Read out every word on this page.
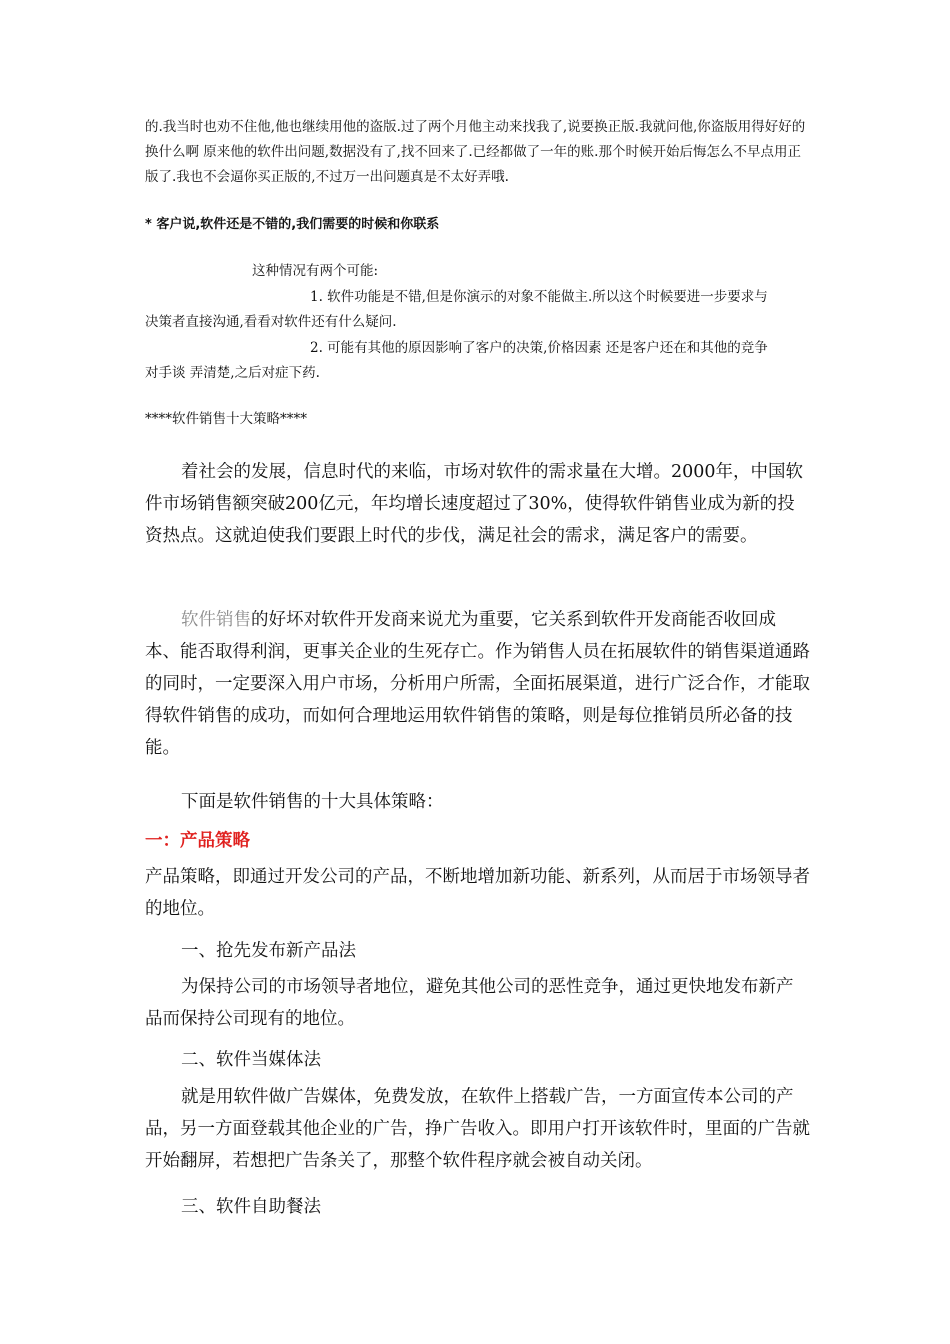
的.我当时也劝不住他,他也继续用他的盗版.过了两个月他主动来找我了,说要换正版.我就问他,你盗版用得好好的换什么啊 原来他的软件出问题,数据没有了,找不回来了.已经都做了一年的账.那个时候开始后悔怎么不早点用正版了.我也不会逼你买正版的,不过万一出问题真是不太好弄哦.
* 客户说,软件还是不错的,我们需要的时候和你联系
这种情况有两个可能:
1. 软件功能是不错,但是你演示的对象不能做主.所以这个时候要进一步要求与
决策者直接沟通,看看对软件还有什么疑问.
2. 可能有其他的原因影响了客户的决策,价格因素 还是客户还在和其他的竞争
对手谈 弄清楚,之后对症下药.
****软件销售十大策略****
着社会的发展，信息时代的来临，市场对软件的需求量在大增。2000年，中国软件市场销售额突破200亿元，年均增长速度超过了30%，使得软件销售业成为新的投资热点。这就迫使我们要跟上时代的步伐，满足社会的需求，满足客户的需要。
软件销售的好坏对软件开发商来说尤为重要，它关系到软件开发商能否收回成本、能否取得利润，更事关企业的生死存亡。作为销售人员在拓展软件的销售渠道通路的同时，一定要深入用户市场，分析用户所需，全面拓展渠道，进行广泛合作，才能取得软件销售的成功，而如何合理地运用软件销售的策略，则是每位推销员所必备的技能。
下面是软件销售的十大具体策略：
一：产品策略
产品策略，即通过开发公司的产品，不断地增加新功能、新系列，从而居于市场领导者的地位。
一、抢先发布新产品法
为保持公司的市场领导者地位，避免其他公司的恶性竞争，通过更快地发布新产品而保持公司现有的地位。
二、软件当媒体法
就是用软件做广告媒体，免费发放，在软件上搭载广告，一方面宣传本公司的产品，另一方面登载其他企业的广告，挣广告收入。即用户打开该软件时，里面的广告就开始翻屏，若想把广告条关了，那整个软件程序就会被自动关闭。
三、软件自助餐法
